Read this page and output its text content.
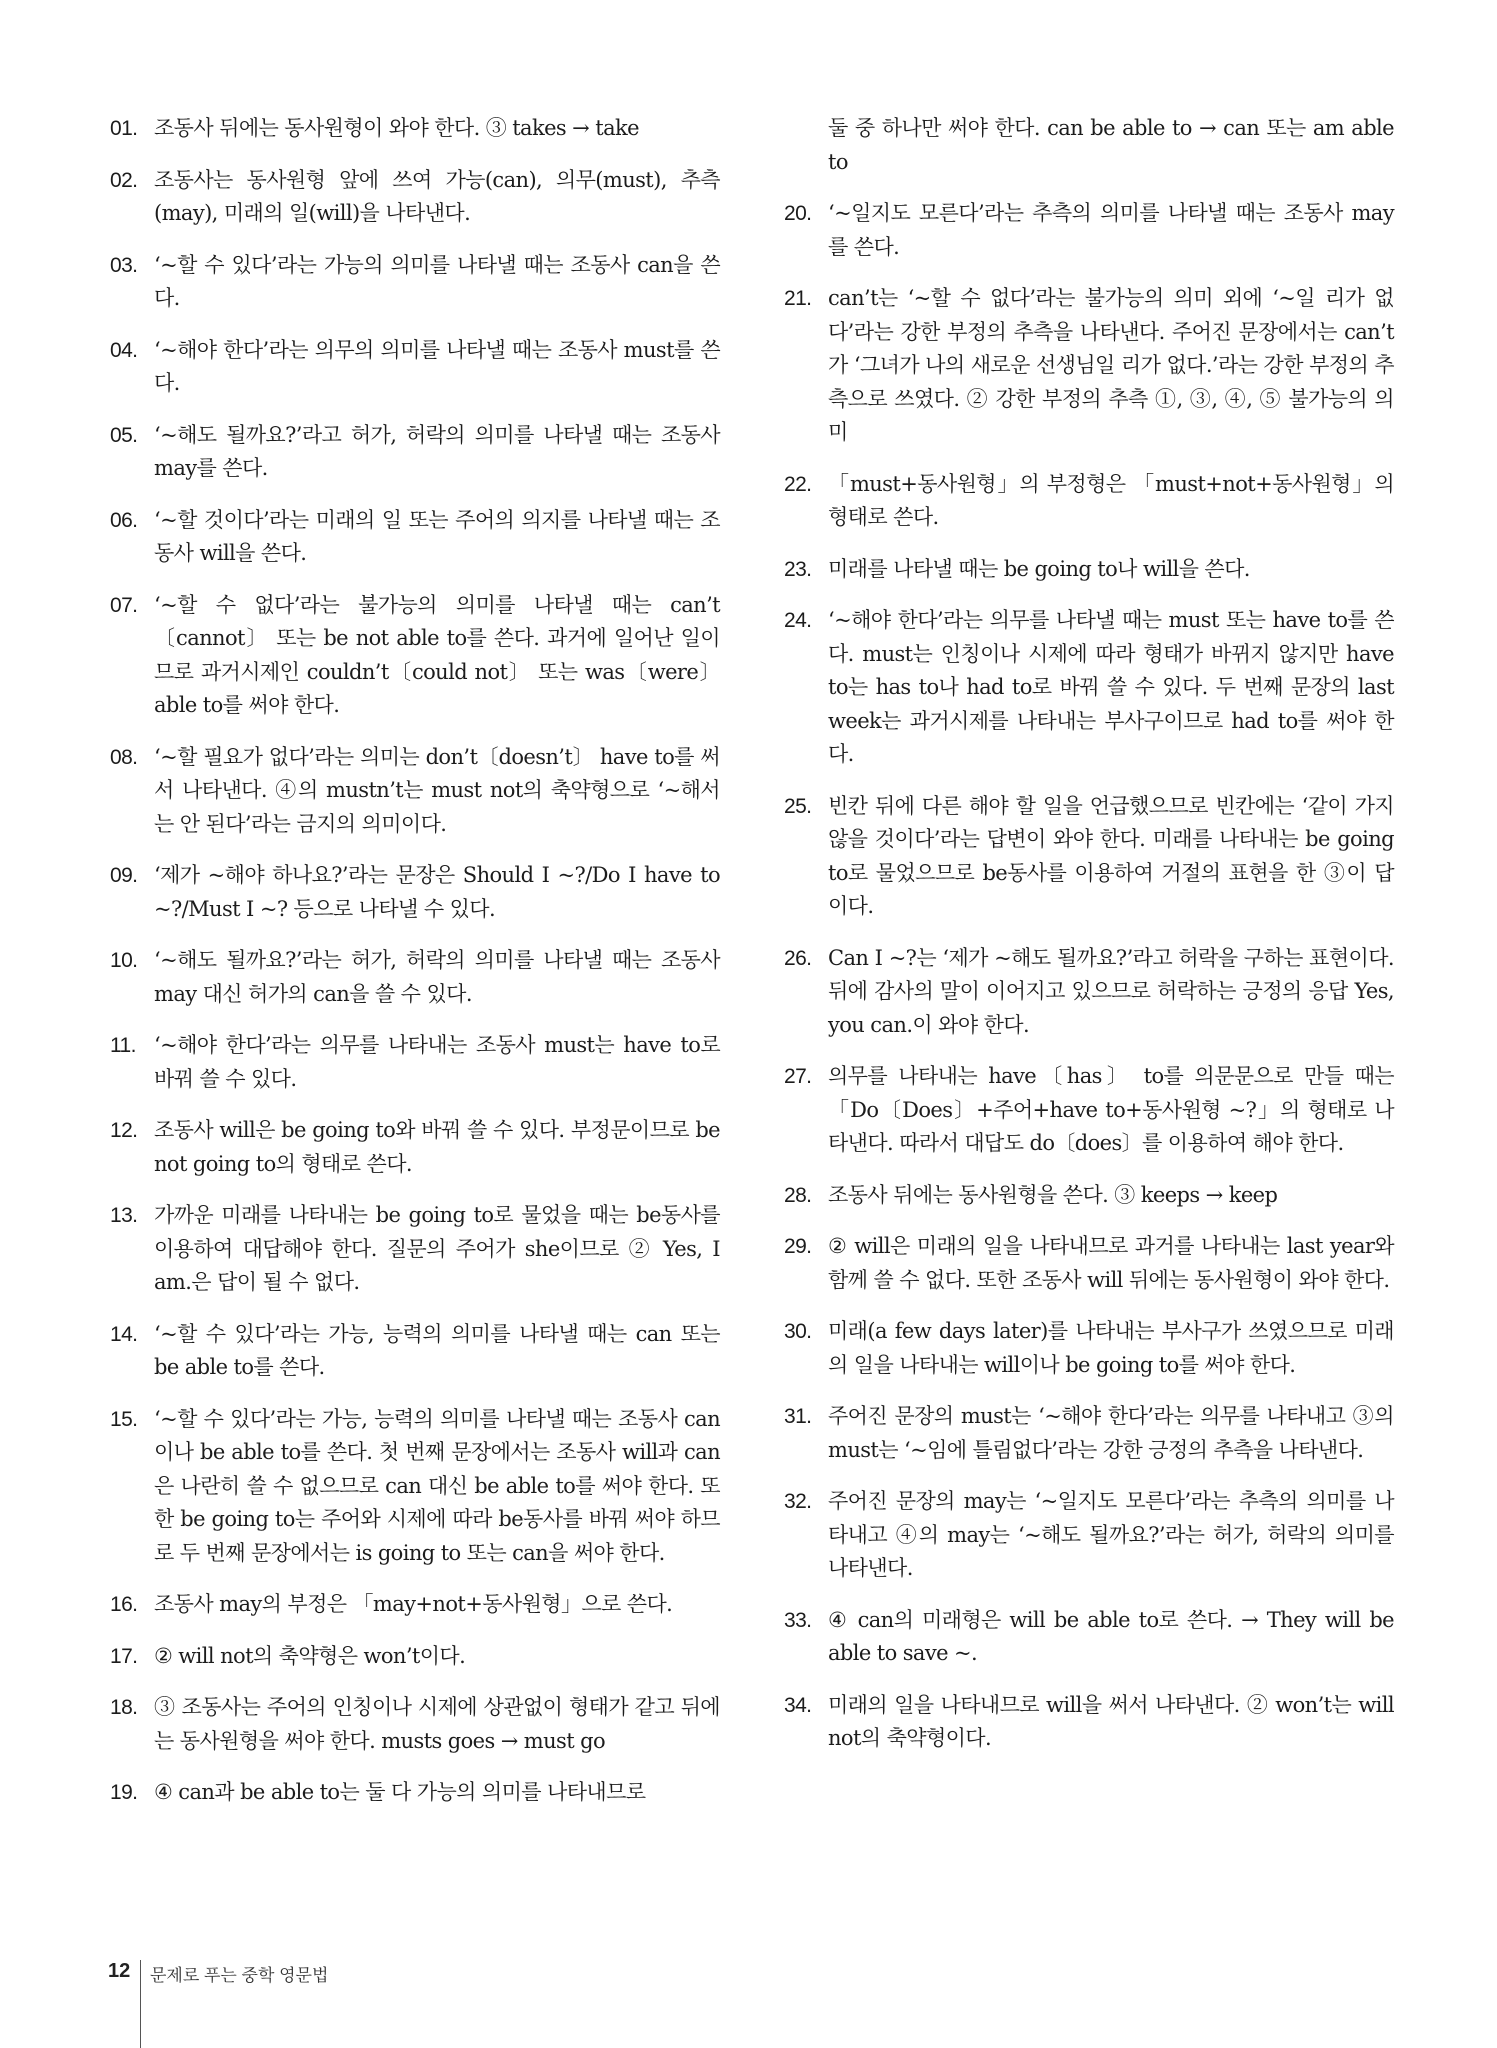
01. 조동사 뒤에는 동사원형이 와야 한다. ③ takes → take
02. 조동사는 동사원형 앞에 쓰여 가능(can), 의무(must), 추측(may), 미래의 일(will)을 나타낸다.
03. ‘~할 수 있다’라는 가능의 의미를 나타낼 때는 조동사 can을 쓴다.
04. ‘~해야 한다’라는 의무의 의미를 나타낼 때는 조동사 must를 쓴다.
05. ‘~해도 될까요?’라고 허가, 허락의 의미를 나타낼 때는 조동사 may를 쓴다.
06. ‘~할 것이다’라는 미래의 일 또는 주어의 의지를 나타낼 때는 조동사 will을 쓴다.
07. ‘~할 수 없다’라는 불가능의 의미를 나타낼 때는 can’t〔cannot〕 또는 be not able to를 쓴다. 과거에 일어난 일이므로 과거시제인 couldn’t〔could not〕 또는 was〔were〕 able to를 써야 한다.
08. ‘~할 필요가 없다’라는 의미는 don’t〔doesn’t〕 have to를 써서 나타낸다. ④의 mustn’t는 must not의 축약형으로 ‘~해서는 안 된다’라는 금지의 의미이다.
09. ‘제가 ~해야 하나요?’라는 문장은 Should I ~?/Do I have to ~?/Must I ~? 등으로 나타낼 수 있다.
10. ‘~해도 될까요?’라는 허가, 허락의 의미를 나타낼 때는 조동사 may 대신 허가의 can을 쓸 수 있다.
11. ‘~해야 한다’라는 의무를 나타내는 조동사 must는 have to로 바꿔 쓸 수 있다.
12. 조동사 will은 be going to와 바꿔 쓸 수 있다. 부정문이므로 be not going to의 형태로 쓴다.
13. 가까운 미래를 나타내는 be going to로 물었을 때는 be동사를 이용하여 대답해야 한다. 질문의 주어가 she이므로 ② Yes, I am.은 답이 될 수 없다.
14. ‘~할 수 있다’라는 가능, 능력의 의미를 나타낼 때는 can 또는 be able to를 쓴다.
15. ‘~할 수 있다’라는 가능, 능력의 의미를 나타낼 때는 조동사 can이나 be able to를 쓴다. 첫 번째 문장에서는 조동사 will과 can은 나란히 쓸 수 없으므로 can 대신 be able to를 써야 한다. 또한 be going to는 주어와 시제에 따라 be동사를 바꿔 써야 하므로 두 번째 문장에서는 is going to 또는 can을 써야 한다.
16. 조동사 may의 부정은 「may+not+동사원형」으로 쓴다.
17. ② will not의 축약형은 won’t이다.
18. ③ 조동사는 주어의 인칭이나 시제에 상관없이 형태가 같고 뒤에는 동사원형을 써야 한다. musts goes → must go
19. ④ can과 be able to는 둘 다 가능의 의미를 나타내므로
둘 중 하나만 써야 한다. can be able to → can 또는 am able to
20. ‘~일지도 모른다’라는 추측의 의미를 나타낼 때는 조동사 may를 쓴다.
21. can’t는 ‘~할 수 없다’라는 불가능의 의미 외에 ‘~일 리가 없다’라는 강한 부정의 추측을 나타낸다. 주어진 문장에서는 can’t가 ‘그녀가 나의 새로운 선생님일 리가 없다.’라는 강한 부정의 추측으로 쓰였다. ② 강한 부정의 추측 ①, ③, ④, ⑤ 불가능의 의미
22. 「must+동사원형」의 부정형은 「must+not+동사원형」의 형태로 쓴다.
23. 미래를 나타낼 때는 be going to나 will을 쓴다.
24. ‘~해야 한다’라는 의무를 나타낼 때는 must 또는 have to를 쓴다. must는 인칭이나 시제에 따라 형태가 바뀌지 않지만 have to는 has to나 had to로 바꿔 쓸 수 있다. 두 번째 문장의 last week는 과거시제를 나타내는 부사구이므로 had to를 써야 한다.
25. 빈칸 뒤에 다른 해야 할 일을 언급했으므로 빈칸에는 ‘같이 가지 않을 것이다’라는 답변이 와야 한다. 미래를 나타내는 be going to로 물었으므로 be동사를 이용하여 거절의 표현을 한 ③이 답이다.
26. Can I ~?는 ‘제가 ~해도 될까요?’라고 허락을 구하는 표현이다. 뒤에 감사의 말이 이어지고 있으므로 허락하는 긍정의 응답 Yes, you can.이 와야 한다.
27. 의무를 나타내는 have〔has〕 to를 의문문으로 만들 때는 「Do〔Does〕+주어+have to+동사원형 ~?」의 형태로 나타낸다. 따라서 대답도 do〔does〕를 이용하여 해야 한다.
28. 조동사 뒤에는 동사원형을 쓴다. ③ keeps → keep
29. ② will은 미래의 일을 나타내므로 과거를 나타내는 last year와 함께 쓸 수 없다. 또한 조동사 will 뒤에는 동사원형이 와야 한다.
30. 미래(a few days later)를 나타내는 부사구가 쓰였으므로 미래의 일을 나타내는 will이나 be going to를 써야 한다.
31. 주어진 문장의 must는 ‘~해야 한다’라는 의무를 나타내고 ③의 must는 ‘~임에 틀림없다’라는 강한 긍정의 추측을 나타낸다.
32. 주어진 문장의 may는 ‘~일지도 모른다’라는 추측의 의미를 나타내고 ④의 may는 ‘~해도 될까요?’라는 허가, 허락의 의미를 나타낸다.
33. ④ can의 미래형은 will be able to로 쓴다. → They will be able to save ~.
34. 미래의 일을 나타내므로 will을 써서 나타낸다. ② won’t는 will not의 축약형이다.
12 문제로 푸는 중학 영문법
